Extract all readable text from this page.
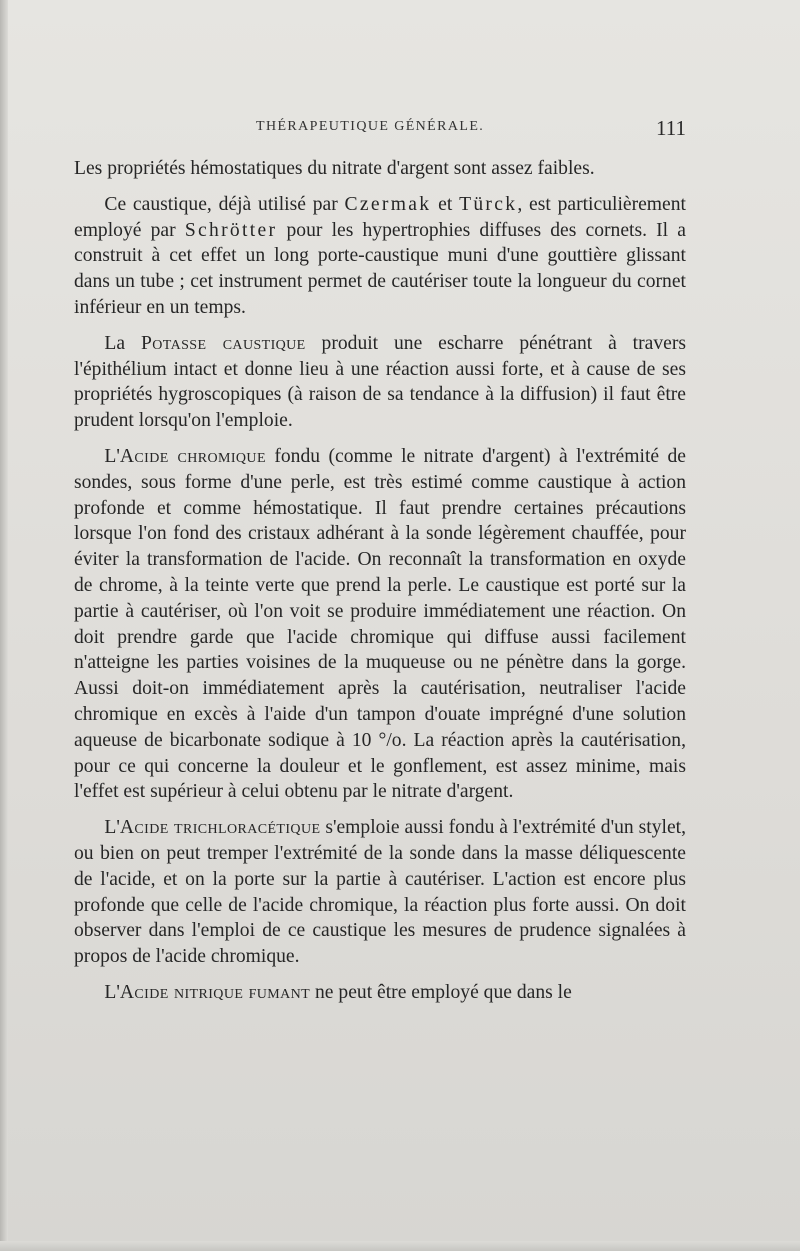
THÉRAPEUTIQUE GÉNÉRALE.	111

Les propriétés hémostatiques du nitrate d'argent sont assez faibles.

Ce caustique, déjà utilisé par Czermak et Türck, est particulièrement employé par Schrötter pour les hypertrophies diffuses des cornets. Il a construit à cet effet un long porte-caustique muni d'une gouttière glissant dans un tube ; cet instrument permet de cautériser toute la longueur du cornet inférieur en un temps.

La Potasse caustique produit une escharre pénétrant à travers l'épithélium intact et donne lieu à une réaction aussi forte, et à cause de ses propriétés hygroscopiques (à raison de sa tendance à la diffusion) il faut être prudent lorsqu'on l'emploie.

L'Acide chromique fondu (comme le nitrate d'argent) à l'extrémité de sondes, sous forme d'une perle, est très estimé comme caustique à action profonde et comme hémostatique. Il faut prendre certaines précautions lorsque l'on fond des cristaux adhérant à la sonde légèrement chauffée, pour éviter la transformation de l'acide. On reconnaît la transformation en oxyde de chrome, à la teinte verte que prend la perle. Le caustique est porté sur la partie à cautériser, où l'on voit se produire immédiatement une réaction. On doit prendre garde que l'acide chromique qui diffuse aussi facilement n'atteigne les parties voisines de la muqueuse ou ne pénètre dans la gorge. Aussi doit-on immédiatement après la cautérisation, neutraliser l'acide chromique en excès à l'aide d'un tampon d'ouate imprégné d'une solution aqueuse de bicarbonate sodique à 10 °/o. La réaction après la cautérisation, pour ce qui concerne la douleur et le gonflement, est assez minime, mais l'effet est supérieur à celui obtenu par le nitrate d'argent.

L'Acide trichloracétique s'emploie aussi fondu à l'extrémité d'un stylet, ou bien on peut tremper l'extrémité de la sonde dans la masse déliquescente de l'acide, et on la porte sur la partie à cautériser. L'action est encore plus profonde que celle de l'acide chromique, la réaction plus forte aussi. On doit observer dans l'emploi de ce caustique les mesures de prudence signalées à propos de l'acide chromique.

L'Acide nitrique fumant ne peut être employé que dans le
